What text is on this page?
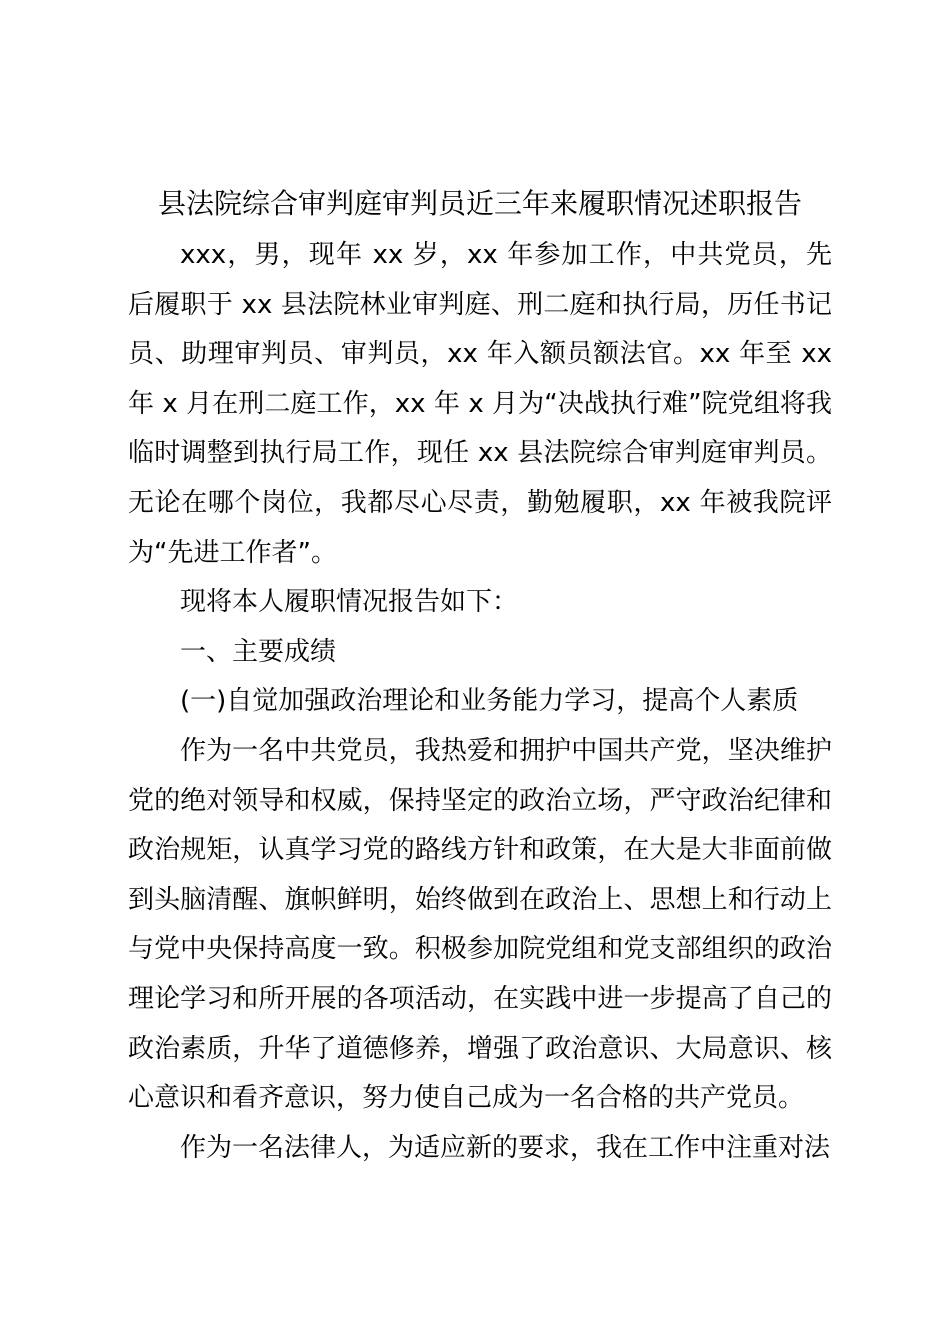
县法院综合审判庭审判员近三年来履职情况述职报告

xxx，男，现年 xx 岁，xx 年参加工作，中共党员，先后履职于 xx 县法院林业审判庭、刑二庭和执行局，历任书记员、助理审判员、审判员，xx 年入额员额法官。xx 年至 xx 年 x 月在刑二庭工作，xx 年 x 月为“决战执行难”院党组将我临时调整到执行局工作，现任 xx 县法院综合审判庭审判员。无论在哪个岗位，我都尽心尽责，勤勉履职，xx 年被我院评为“先进工作者”。

现将本人履职情况报告如下：

一、主要成绩

(一)自觉加强政治理论和业务能力学习，提高个人素质

作为一名中共党员，我热爱和拥护中国共产党，坚决维护党的绝对领导和权威，保持坚定的政治立场，严守政治纪律和政治规矩，认真学习党的路线方针和政策，在大是大非面前做到头脑清醒、旗帜鲜明，始终做到在政治上、思想上和行动上与党中央保持高度一致。积极参加院党组和党支部组织的政治理论学习和所开展的各项活动，在实践中进一步提高了自己的政治素质，升华了道德修养，增强了政治意识、大局意识、核心意识和看齐意识，努力使自己成为一名合格的共产党员。

作为一名法律人，为适应新的要求，我在工作中注重对法
